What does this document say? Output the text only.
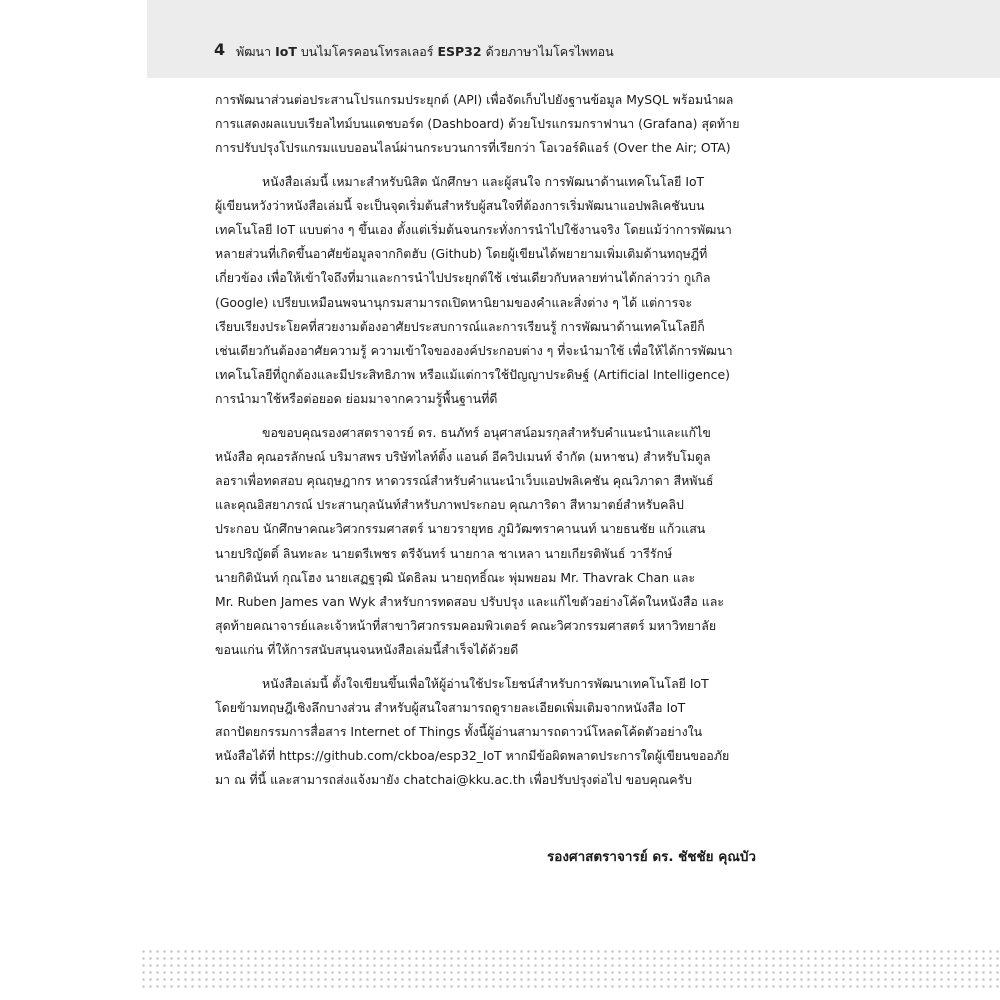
4 พัฒนา IoT บนไมโครคอนโทรลเลอร์ ESP32 ด้วยภาษาไมโครไพทอน

การพัฒนาส่วนต่อประสานโปรแกรมประยุกต์ (API) เพื่อจัดเก็บไปยังฐานข้อมูล MySQL พร้อมนำผล
การแสดงผลแบบเรียลไทม์บนแดชบอร์ด (Dashboard) ด้วยโปรแกรมกราฟานา (Grafana) สุดท้าย
การปรับปรุงโปรแกรมแบบออนไลน์ผ่านกระบวนการที่เรียกว่า โอเวอร์ดิแอร์ (Over the Air; OTA)

หนังสือเล่มนี้ เหมาะสำหรับนิสิต นักศึกษา และผู้สนใจ การพัฒนาด้านเทคโนโลยี IoT
ผู้เขียนหวังว่าหนังสือเล่มนี้ จะเป็นจุดเริ่มต้นสำหรับผู้สนใจที่ต้องการเริ่มพัฒนาแอปพลิเคชันบน
เทคโนโลยี IoT แบบต่าง ๆ ขึ้นเอง ตั้งแต่เริ่มต้นจนกระทั่งการนำไปใช้งานจริง โดยแม้ว่าการพัฒนา
หลายส่วนที่เกิดขึ้นอาศัยข้อมูลจากกิตฮับ (Github) โดยผู้เขียนได้พยายามเพิ่มเติมด้านทฤษฎีที่
เกี่ยวข้อง เพื่อให้เข้าใจถึงที่มาและการนำไปประยุกต์ใช้ เช่นเดียวกับหลายท่านได้กล่าวว่า กูเกิล
(Google) เปรียบเหมือนพจนานุกรมสามารถเปิดหานิยามของคำและสิ่งต่าง ๆ ได้ แต่การจะ
เรียบเรียงประโยคที่สวยงามต้องอาศัยประสบการณ์และการเรียนรู้ การพัฒนาด้านเทคโนโลยีก็
เช่นเดียวกันต้องอาศัยความรู้ ความเข้าใจขององค์ประกอบต่าง ๆ ที่จะนำมาใช้ เพื่อให้ได้การพัฒนา
เทคโนโลยีที่ถูกต้องและมีประสิทธิภาพ หรือแม้แต่การใช้ปัญญาประดิษฐ์ (Artificial Intelligence)
การนำมาใช้หรือต่อยอด ย่อมมาจากความรู้พื้นฐานที่ดี

ขอขอบคุณรองศาสตราจารย์ ดร. ธนภัทร์ อนุศาสน์อมรกุลสำหรับคำแนะนำและแก้ไข
หนังสือ คุณอรลักษณ์ บริมาสพร บริษัทไลท์ติ้ง แอนด์ อีควิปเมนท์ จำกัด (มหาชน) สำหรับโมดูล
ลอราเพื่อทดสอบ คุณฤษฎากร หาดวรรณ์สำหรับคำแนะนำเว็บแอปพลิเคชัน คุณวิภาดา สีหพันธ์
และคุณอิสยาภรณ์ ประสานกุลนันท์สำหรับภาพประกอบ คุณภาริดา สีหามาตย์สำหรับคลิป
ประกอบ นักศึกษาคณะวิศวกรรมศาสตร์ นายวรายุทธ ภูมิวัฒฑราคานนท์ นายธนชัย แก้วแสน
นายปริญัตติ์ ลินทะละ นายตรีเพชร ตรีจันทร์ นายกาล ชาเหลา นายเกียรติพันธ์ วารีรักษ์
นายกิตินันท์ กุณโฮง นายเสฏฐวุฒิ นัดธิลม นายฤทธิ์ณะ พุ่มพยอม Mr. Thavrak Chan และ
Mr. Ruben James van Wyk สำหรับการทดสอบ ปรับปรุง และแก้ไขตัวอย่างโค้ดในหนังสือ และ
สุดท้ายคณาจารย์และเจ้าหน้าที่สาขาวิศวกรรมคอมพิวเตอร์ คณะวิศวกรรมศาสตร์ มหาวิทยาลัย
ขอนแก่น ที่ให้การสนับสนุนจนหนังสือเล่มนี้สำเร็จได้ด้วยดี

หนังสือเล่มนี้ ตั้งใจเขียนขึ้นเพื่อให้ผู้อ่านใช้ประโยชน์สำหรับการพัฒนาเทคโนโลยี IoT
โดยข้ามทฤษฎีเชิงลึกบางส่วน สำหรับผู้สนใจสามารถดูรายละเอียดเพิ่มเติมจากหนังสือ IoT
สถาปัตยกรรมการสื่อสาร Internet of Things ทั้งนี้ผู้อ่านสามารถดาวน์โหลดโค้ดตัวอย่างใน
หนังสือได้ที่ https://github.com/ckboa/esp32_IoT หากมีข้อผิดพลาดประการใดผู้เขียนขออภัย
มา ณ ที่นี้ และสามารถส่งแจ้งมายัง chatchai@kku.ac.th เพื่อปรับปรุงต่อไป ขอบคุณครับ

รองศาสตราจารย์ ดร. ชัชชัย คุณบัว
